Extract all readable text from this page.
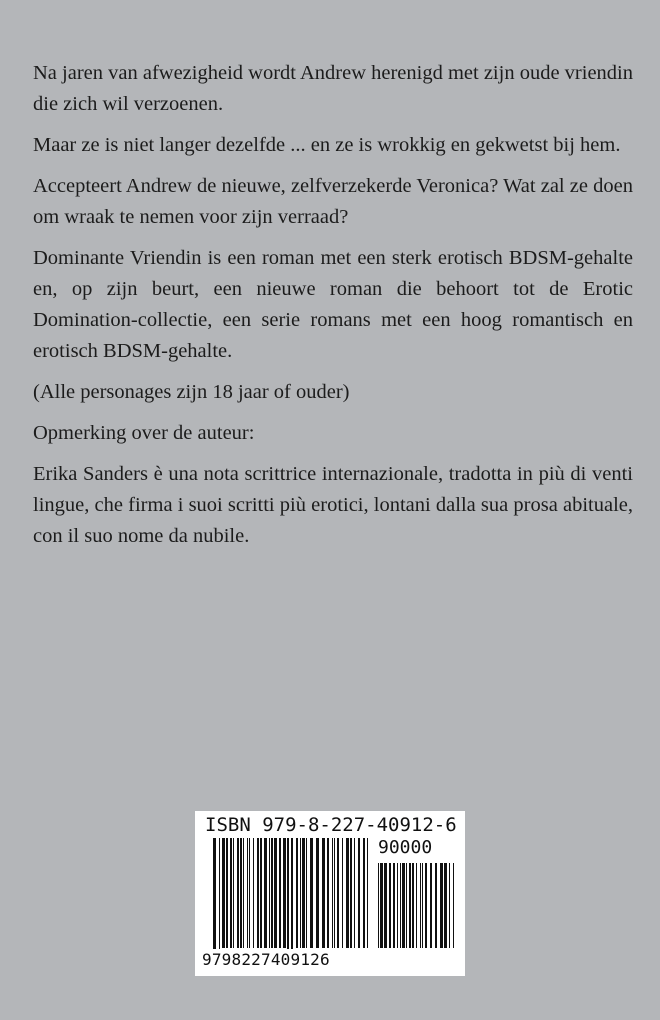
Na jaren van afwezigheid wordt Andrew herenigd met zijn oude vriendin die zich wil verzoenen.

Maar ze is niet langer dezelfde ... en ze is wrokkig en gekwetst bij hem.

Accepteert Andrew de nieuwe, zelfverzekerde Veronica? Wat zal ze doen om wraak te nemen voor zijn verraad?

Dominante Vriendin is een roman met een sterk erotisch BDSM-gehalte en, op zijn beurt, een nieuwe roman die behoort tot de Erotic Domination-collectie, een serie romans met een hoog romantisch en erotisch BDSM-gehalte.

(Alle personages zijn 18 jaar of ouder)

Opmerking over de auteur:

Erika Sanders è una nota scrittrice internazionale, tradotta in più di venti lingue, che firma i suoi scritti più erotici, lontani dalla sua prosa abituale, con il suo nome da nubile.

ISBN 979-8-227-40912-6
90000
9798227409126
